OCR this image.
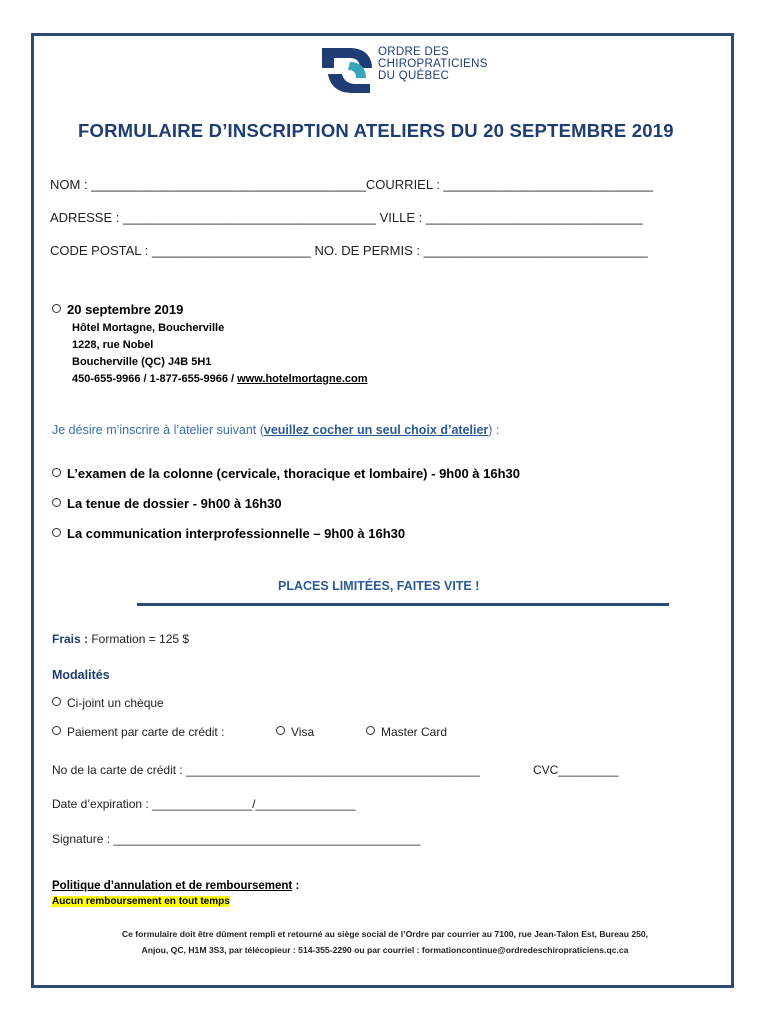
ORDRE DES
CHIROPRATICIENS
DU QUÉBEC
FORMULAIRE D’INSCRIPTION ATELIERS DU 20 SEPTEMBRE 2019
NOM : ______________________________________COURRIEL : _____________________________
ADRESSE : ___________________________________ VILLE : ______________________________
CODE POSTAL : ______________________ NO. DE PERMIS : _______________________________
20 septembre 2019
Hôtel Mortagne, Boucherville
1228, rue Nobel
Boucherville (QC) J4B 5H1
450-655-9966 / 1-877-655-9966 / www.hotelmortagne.com
Je désire m’inscrire à l’atelier suivant (veuillez cocher un seul choix d’atelier) :
L’examen de la colonne (cervicale, thoracique et lombaire) - 9h00 à 16h30
La tenue de dossier - 9h00 à 16h30
La communication interprofessionnelle – 9h00 à 16h30
PLACES LIMITÉES, FAITES VITE !
Frais : Formation = 125 $
Modalités
Ci-joint un chèque
Paiement par carte de crédit :	Visa	Master Card
No de la carte de crédit : ____________________________________________	CVC_________
Date d’expiration : _______________/_______________
Signature : ______________________________________________
Politique d’annulation et de remboursement :
Aucun remboursement en tout temps
Ce formulaire doit être dûment rempli et retourné au siège social de l’Ordre par courrier au 7100, rue Jean-Talon Est, Bureau 250,
Anjou, QC, H1M 3S3, par télécopieur : 514-355-2290 ou par courriel : formationcontinue@ordredeschiropraticiens.qc.ca
